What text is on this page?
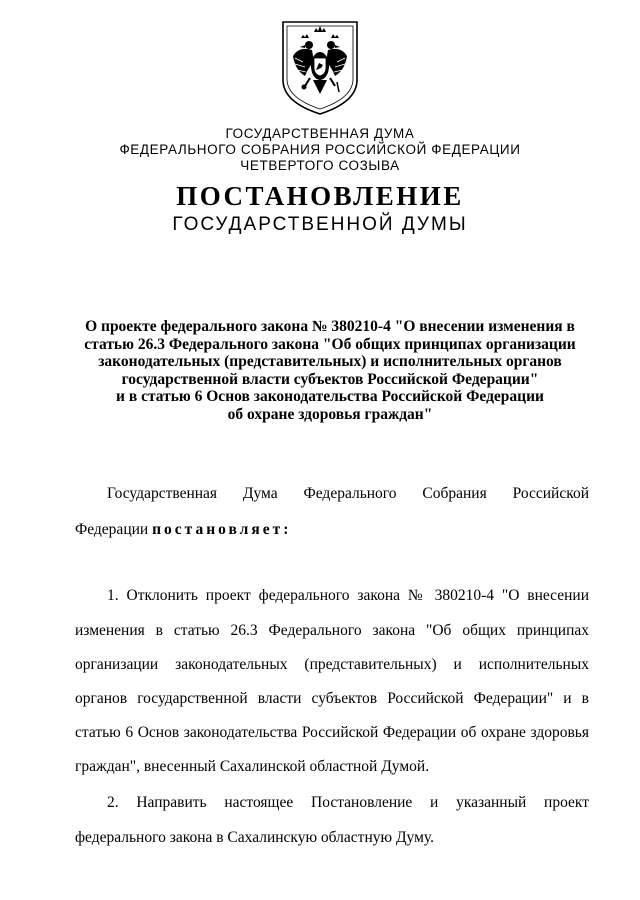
ГОСУДАРСТВЕННАЯ ДУМА
ФЕДЕРАЛЬНОГО СОБРАНИЯ РОССИЙСКОЙ ФЕДЕРАЦИИ
ЧЕТВЕРТОГО СОЗЫВА
ПОСТАНОВЛЕНИЕ
ГОСУДАРСТВЕННОЙ ДУМЫ
О проекте федерального закона № 380210-4 "О внесении изменения в
статью 26.3 Федерального закона "Об общих принципах организации
законодательных (представительных) и исполнительных органов
государственной власти субъектов Российской Федерации"
и в статью 6 Основ законодательства Российской Федерации
об охране здоровья граждан"
Государственная Дума Федерального Собрания Российской
Федерации постановляет:
1. Отклонить проект федерального закона № 380210-4 "О внесении
изменения в статью 26.3 Федерального закона "Об общих принципах
организации законодательных (представительных) и исполнительных
органов государственной власти субъектов Российской Федерации" и в
статью 6 Основ законодательства Российской Федерации об охране здоровья
граждан", внесенный Сахалинской областной Думой.
2. Направить настоящее Постановление и указанный проект
федерального закона в Сахалинскую областную Думу.
